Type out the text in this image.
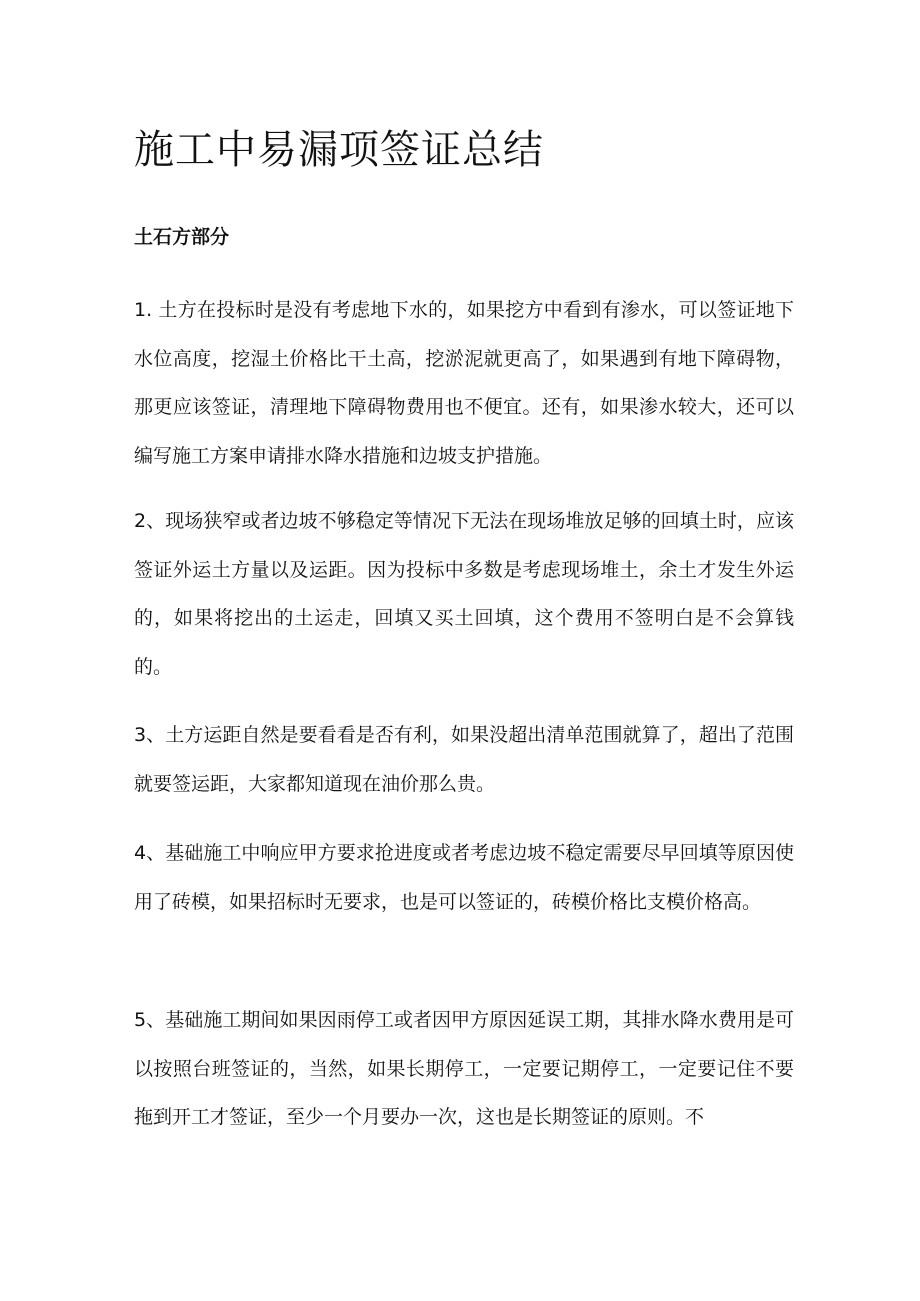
施工中易漏项签证总结
土石方部分

1. 土方在投标时是没有考虑地下水的，如果挖方中看到有渗水，可以签证地下水位高度，挖湿土价格比干土高，挖淤泥就更高了，如果遇到有地下障碍物，那更应该签证，清理地下障碍物费用也不便宜。还有，如果渗水较大，还可以编写施工方案申请排水降水措施和边坡支护措施。

2、现场狭窄或者边坡不够稳定等情况下无法在现场堆放足够的回填土时，应该签证外运土方量以及运距。因为投标中多数是考虑现场堆土，余土才发生外运的，如果将挖出的土运走，回填又买土回填，这个费用不签明白是不会算钱的。

3、土方运距自然是要看看是否有利，如果没超出清单范围就算了，超出了范围就要签运距，大家都知道现在油价那么贵。

4、基础施工中响应甲方要求抢进度或者考虑边坡不稳定需要尽早回填等原因使用了砖模，如果招标时无要求，也是可以签证的，砖模价格比支模价格高。

5、基础施工期间如果因雨停工或者因甲方原因延误工期，其排水降水费用是可以按照台班签证的，当然，如果长期停工，一定要记期停工，一定要记住不要拖到开工才签证，至少一个月要办一次，这也是长期签证的原则。不
